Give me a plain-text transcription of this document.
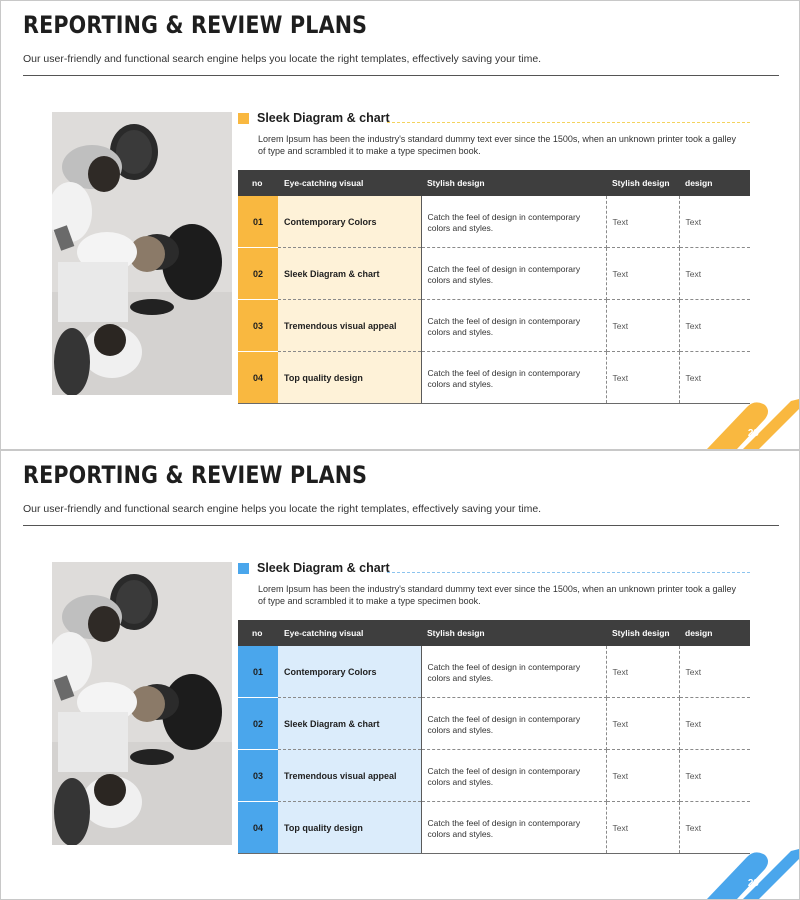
REPORTING & REVIEW PLANS
Our user-friendly and functional search engine helps you locate the right templates, effectively saving your time.
Sleek Diagram & chart
Lorem Ipsum has been the industry's standard dummy text ever since the 1500s, when an unknown printer took a galley of type and scrambled it to make a type specimen book.
no	Eye-catching visual	Stylish design	Stylish design	design
01	Contemporary Colors	Catch the feel of design in contemporary colors and styles.	Text	Text
02	Sleek Diagram & chart	Catch the feel of design in contemporary colors and styles.	Text	Text
03	Tremendous visual appeal	Catch the feel of design in contemporary colors and styles.	Text	Text
04	Top quality design	Catch the feel of design in contemporary colors and styles.	Text	Text
29
REPORTING & REVIEW PLANS
Our user-friendly and functional search engine helps you locate the right templates, effectively saving your time.
Sleek Diagram & chart
Lorem Ipsum has been the industry's standard dummy text ever since the 1500s, when an unknown printer took a galley of type and scrambled it to make a type specimen book.
no	Eye-catching visual	Stylish design	Stylish design	design
01	Contemporary Colors	Catch the feel of design in contemporary colors and styles.	Text	Text
02	Sleek Diagram & chart	Catch the feel of design in contemporary colors and styles.	Text	Text
03	Tremendous visual appeal	Catch the feel of design in contemporary colors and styles.	Text	Text
04	Top quality design	Catch the feel of design in contemporary colors and styles.	Text	Text
29
